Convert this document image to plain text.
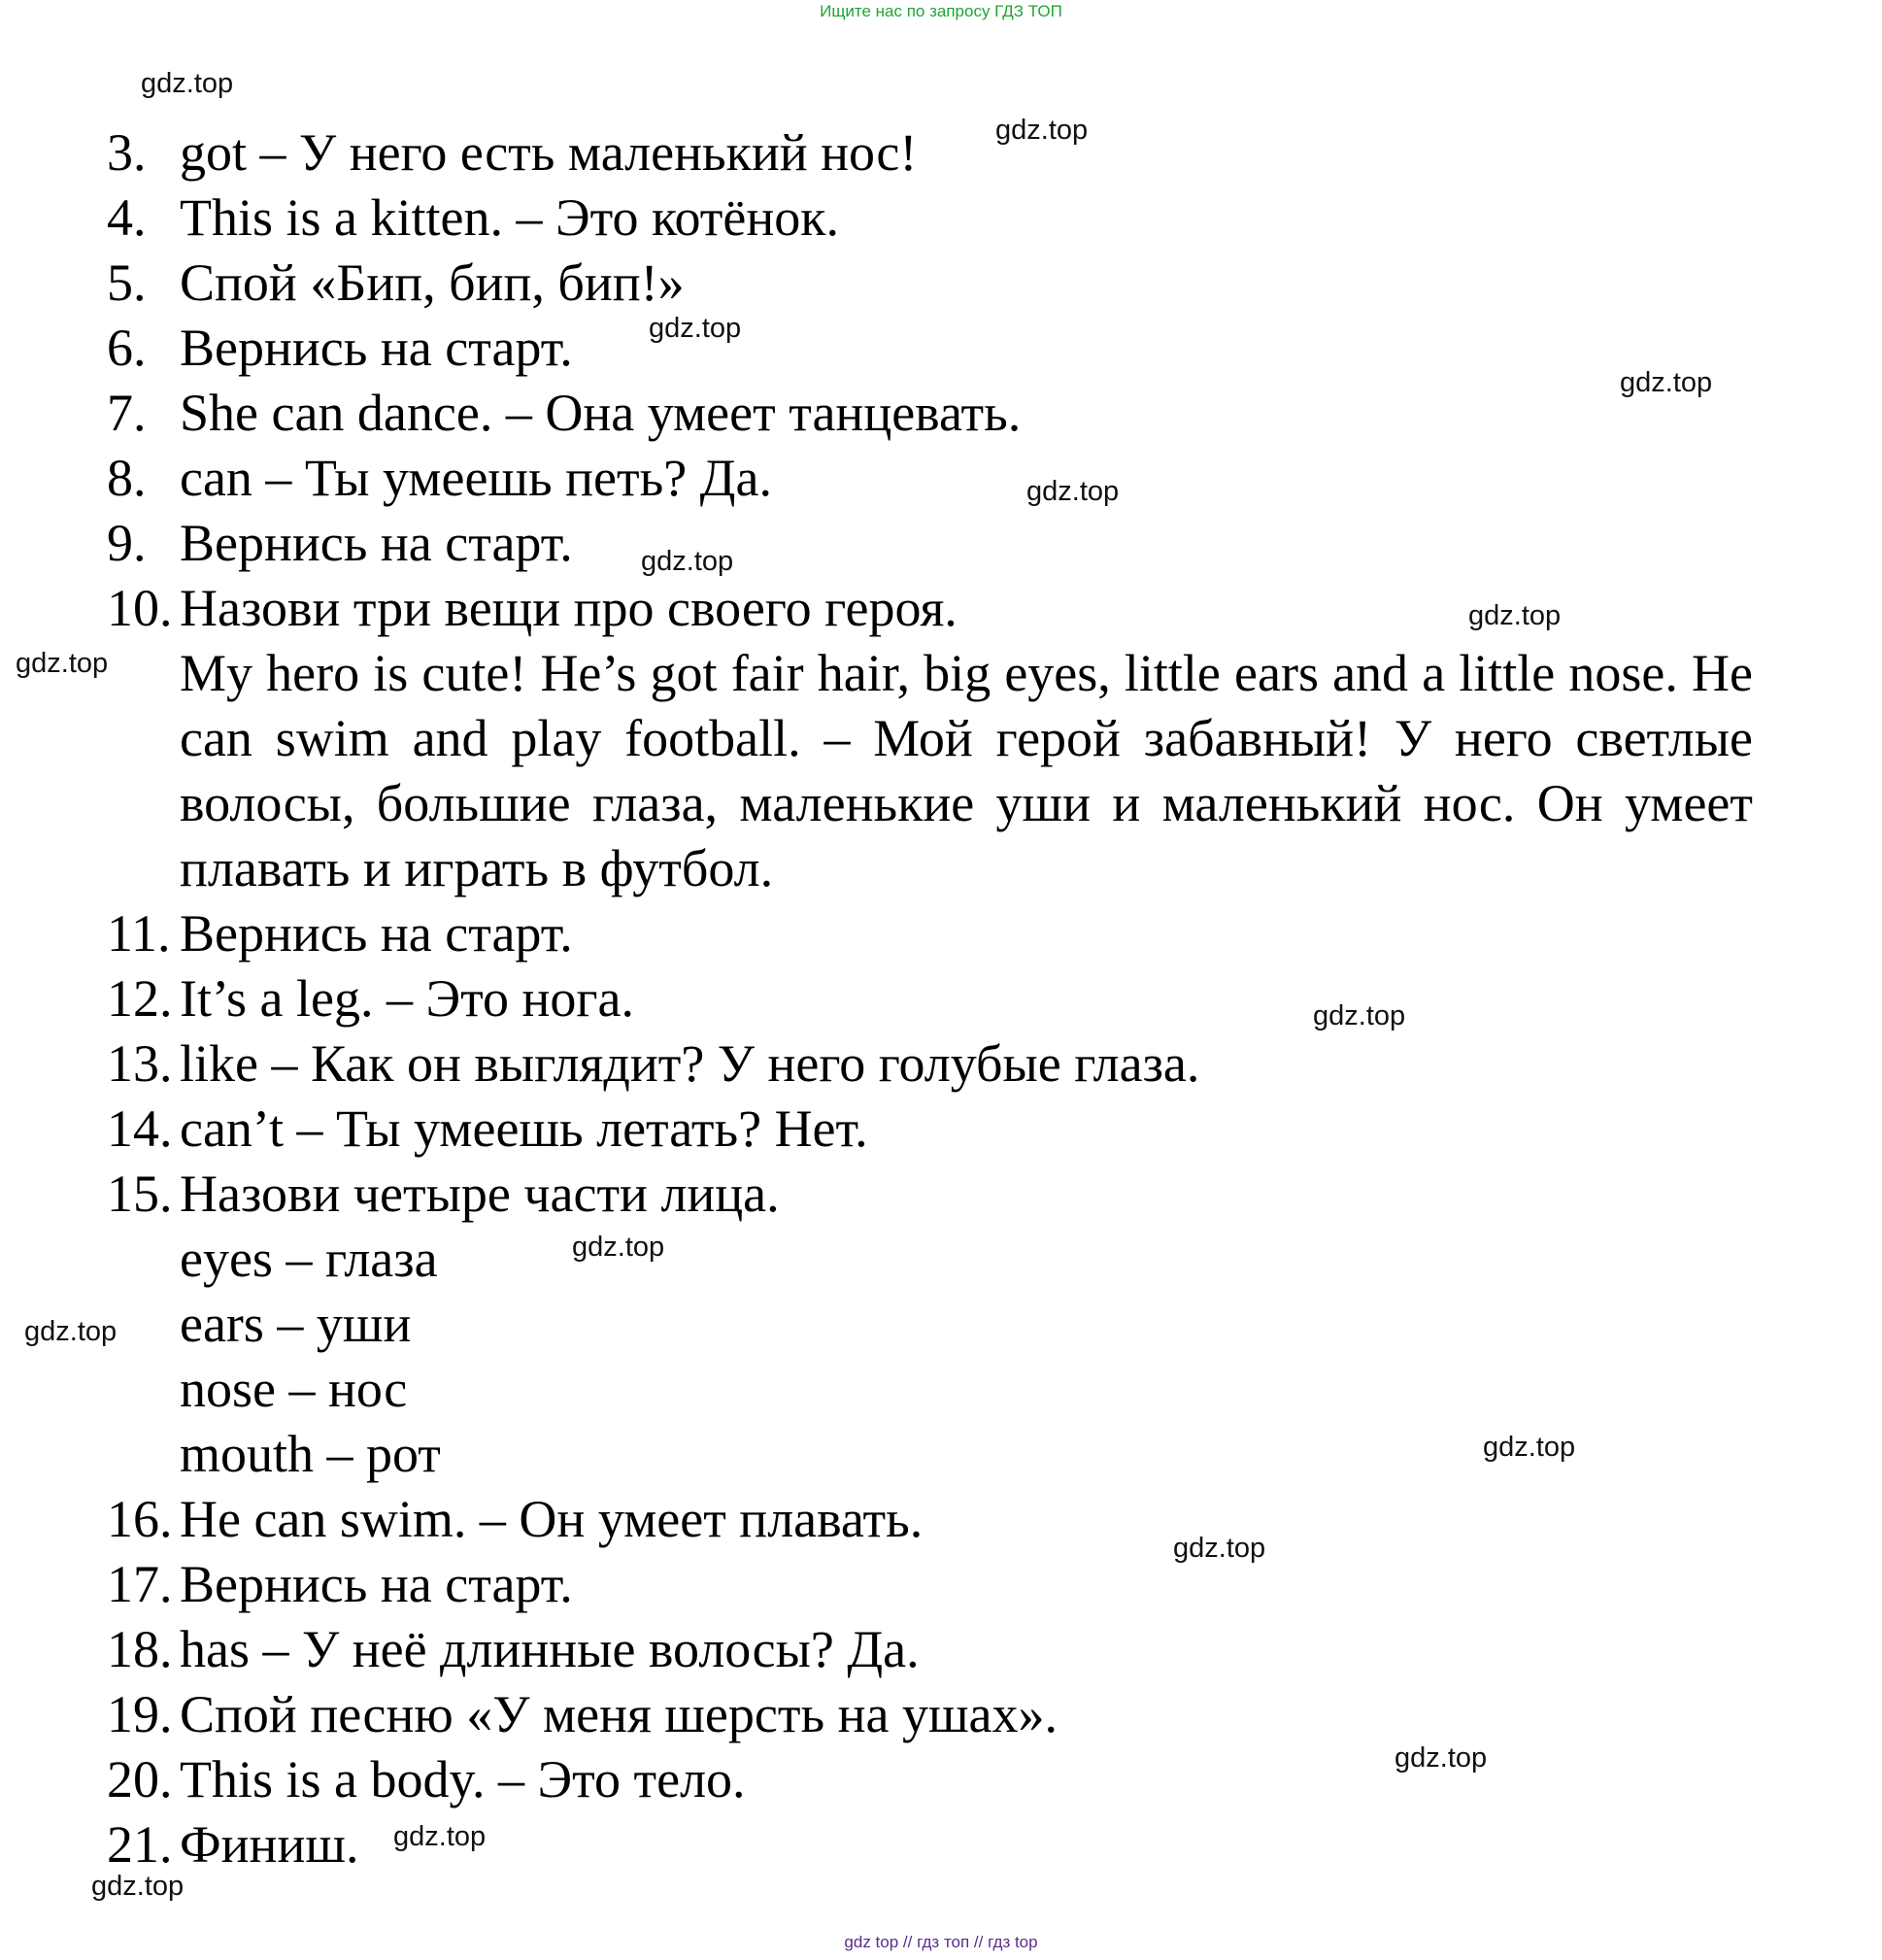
Ищите нас по запросу ГДЗ ТОП
3. got – У него есть маленький нос!
4. This is a kitten. – Это котёнок.
5. Спой «Бип, бип, бип!»
6. Вернись на старт.
7. She can dance. – Она умеет танцевать.
8. can – Ты умеешь петь? Да.
9. Вернись на старт.
10. Назови три вещи про своего героя.
My hero is cute! He’s got fair hair, big eyes, little ears and a little nose. He can swim and play football. – Мой герой забавный! У него светлые волосы, большие глаза, маленькие уши и маленький нос. Он умеет плавать и играть в футбол.
11. Вернись на старт.
12. It’s a leg. – Это нога.
13. like – Как он выглядит? У него голубые глаза.
14. can’t – Ты умеешь летать? Нет.
15. Назови четыре части лица.
eyes – глаза
ears – уши
nose – нос
mouth – рот
16. He can swim. – Он умеет плавать.
17. Вернись на старт.
18. has – У неё длинные волосы? Да.
19. Спой песню «У меня шерсть на ушах».
20. This is a body. – Это тело.
21. Финиш.
gdz.top
gdz.top
gdz.top
gdz.top
gdz.top
gdz.top
gdz.top
gdz.top
gdz.top
gdz.top
gdz.top
gdz.top
gdz.top
gdz.top
gdz.top
gdz.top
gdz top // гдз топ // гдз top
